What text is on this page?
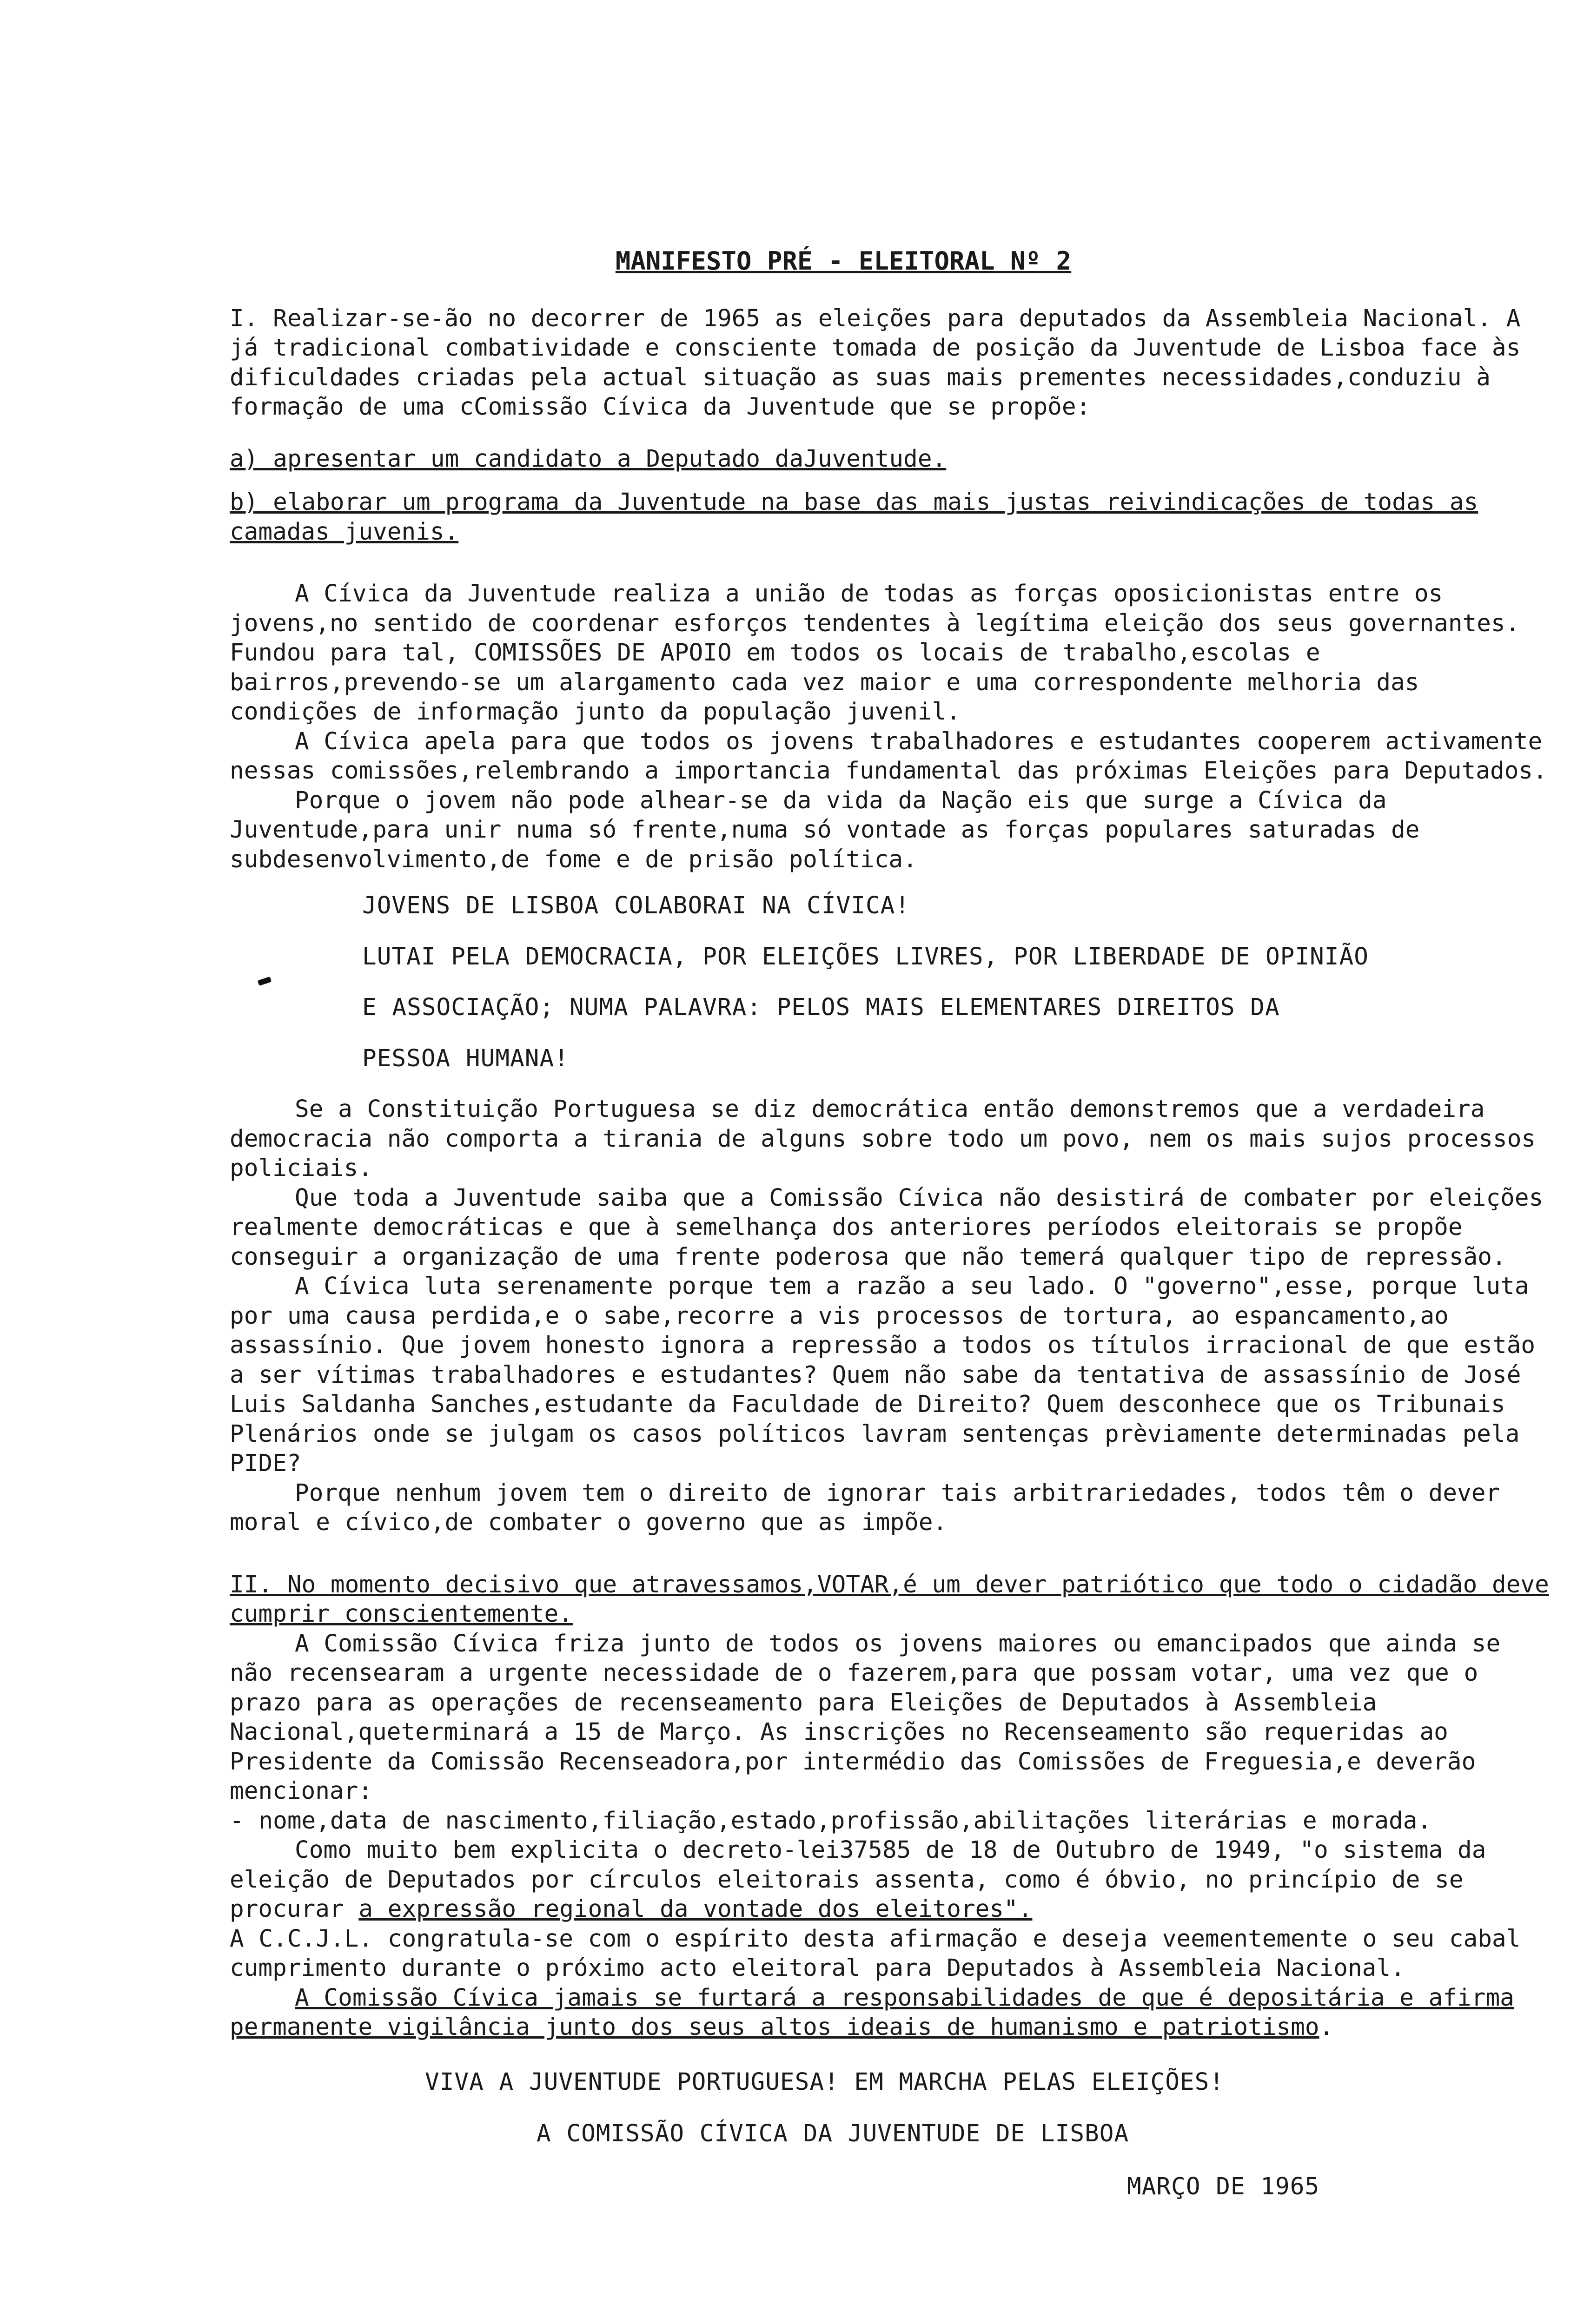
MANIFESTO PRÉ - ELEITORAL Nº 2

I. Realizar-se-ão no decorrer de 1965 as eleições para deputados da Assembleia Nacional. A já tradicional combatividade e consciente tomada de posição da Juventude de Lisboa face às dificuldades criadas pela actual situação as suas mais prementes necessidades,conduziu à formação de uma cComissão Cívica da Juventude que se propõe:

a) apresentar um candidato a Deputado daJuventude.

b) elaborar um programa da Juventude na base das mais justas reivindicações de todas as camadas juvenis.

A Cívica da Juventude realiza a união de todas as forças oposicionistas entre os jovens,no sentido de coordenar esforços tendentes à legítima eleição dos seus governantes. Fundou para tal, COMISSÕES DE APOIO em todos os locais de trabalho,escolas e bairros,prevendo-se um alargamento cada vez maior e uma correspondente melhoria das condições de informação junto da população juvenil.

A Cívica apela para que todos os jovens trabalhadores e estudantes cooperem activamente nessas comissões,relembrando a importancia fundamental das próximas Eleições para Deputados.

Porque o jovem não pode alhear-se da vida da Nação eis que surge a Cívica da Juventude,para unir numa só frente,numa só vontade as forças populares saturadas de subdesenvolvimento,de fome e de prisão política.

JOVENS DE LISBOA COLABORAI NA CÍVICA!

LUTAI PELA DEMOCRACIA, POR ELEIÇÕES LIVRES, POR LIBERDADE DE OPINIÃO

E ASSOCIAÇÃO; NUMA PALAVRA: PELOS MAIS ELEMENTARES DIREITOS DA

PESSOA HUMANA!

Se a Constituição Portuguesa se diz democrática então demonstremos que a verdadeira democracia não comporta a tirania de alguns sobre todo um povo, nem os mais sujos processos policiais.

Que toda a Juventude saiba que a Comissão Cívica não desistirá de combater por eleições realmente democráticas e que à semelhança dos anteriores períodos eleitorais se propõe conseguir a organização de uma frente poderosa que não temerá qualquer tipo de repressão.

A Cívica luta serenamente porque tem a razão a seu lado. O "governo",esse, porque luta por uma causa perdida,e o sabe,recorre a vis processos de tortura, ao espancamento,ao assassínio. Que jovem honesto ignora a repressão a todos os títulos irracional de que estão a ser vítimas trabalhadores e estudantes? Quem não sabe da tentativa de assassínio de José Luis Saldanha Sanches,estudante da Faculdade de Direito? Quem desconhece que os Tribunais Plenários onde se julgam os casos políticos lavram sentenças prèviamente determinadas pela PIDE?

Porque nenhum jovem tem o direito de ignorar tais arbitrariedades, todos têm o dever moral e cívico,de combater o governo que as impõe.

II. No momento decisivo que atravessamos,VOTAR,é um dever patriótico que todo o cidadão deve cumprir conscientemente.

A Comissão Cívica friza junto de todos os jovens maiores ou emancipados que ainda se não recensearam a urgente necessidade de o fazerem,para que possam votar, uma vez que o prazo para as operações de recenseamento para Eleições de Deputados à Assembleia Nacional,queterminará a 15 de Março. As inscrições no Recenseamento são requeridas ao Presidente da Comissão Recenseadora,por intermédio das Comissões de Freguesia,e deverão mencionar:

- nome,data de nascimento,filiação,estado,profissão,abilitações literárias e morada.

Como muito bem explicita o decreto-lei37585 de 18 de Outubro de 1949, "o sistema da eleição de Deputados por círculos eleitorais assenta, como é óbvio, no princípio de se procurar a expressão regional da vontade dos eleitores".

A C.C.J.L. congratula-se com o espírito desta afirmação e deseja veementemente o seu cabal cumprimento durante o próximo acto eleitoral para Deputados à Assembleia Nacional.

A Comissão Cívica jamais se furtará a responsabilidades de que é depositária e afirma permanente vigilância junto dos seus altos ideais de humanismo e patriotismo.

VIVA A JUVENTUDE PORTUGUESA! EM MARCHA PELAS ELEIÇÕES!

A COMISSÃO CÍVICA DA JUVENTUDE DE LISBOA

MARÇO DE 1965
